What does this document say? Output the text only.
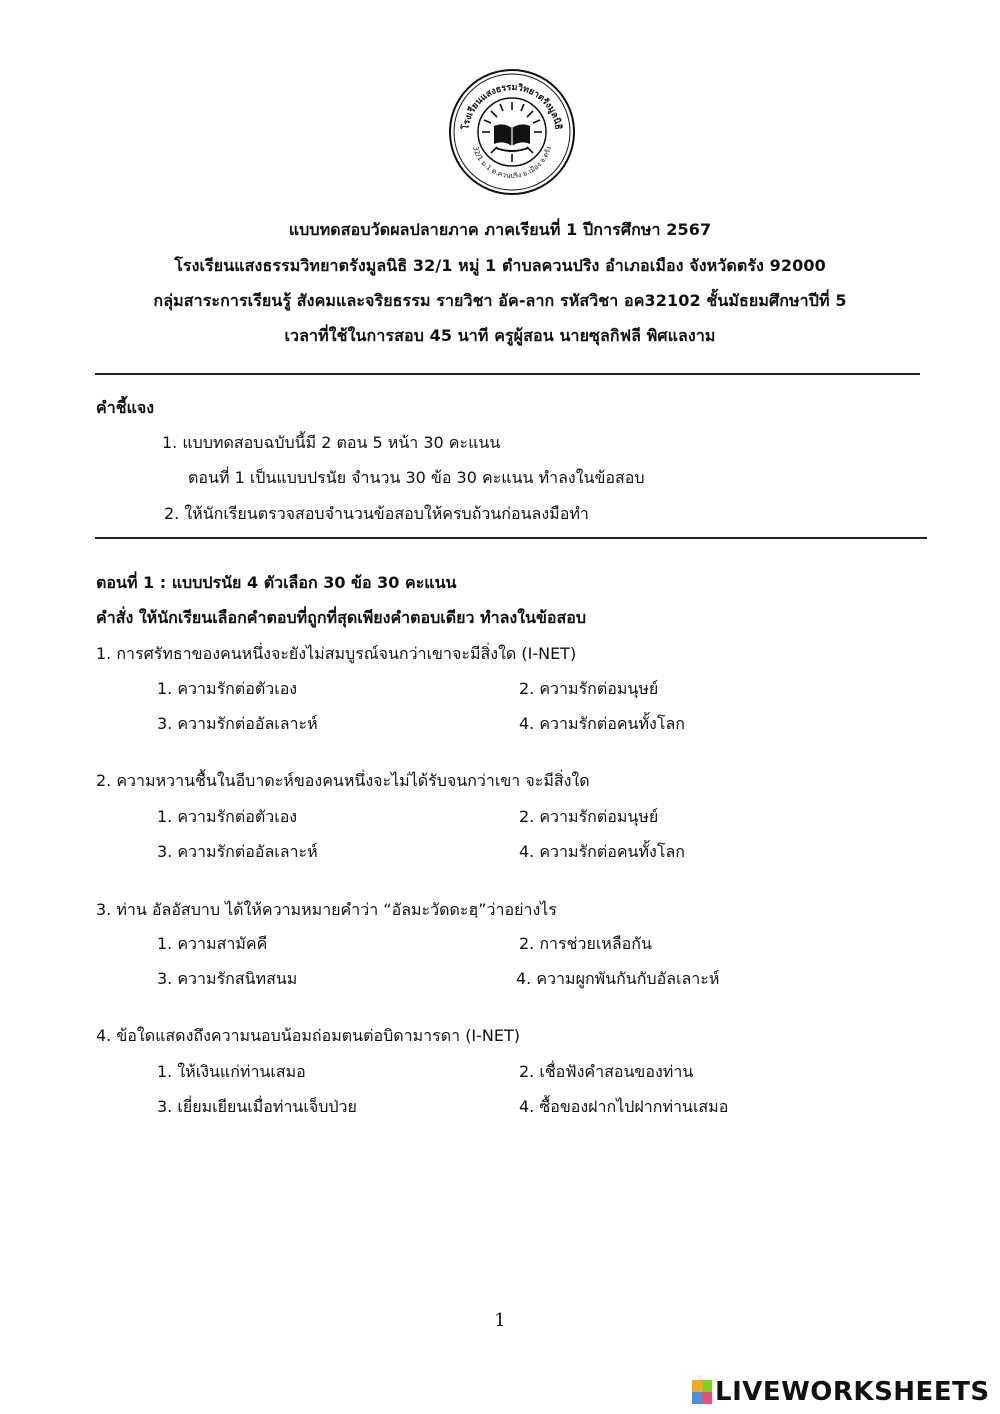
โรงเรียนแสงธรรมวิทยาตรังมูลนิธิ
32/1 ม.1 ต.ควนปริง อ.เมือง จ.ตรัง
แบบทดสอบวัดผลปลายภาค ภาคเรียนที่ 1 ปีการศึกษา 2567
โรงเรียนแสงธรรมวิทยาตรังมูลนิธิ 32/1 หมู่ 1 ตำบลควนปริง อำเภอเมือง จังหวัดตรัง 92000
กลุ่มสาระการเรียนรู้ สังคมและจริยธรรม รายวิชา อัค-ลาก รหัสวิชา อค32102 ชั้นมัธยมศึกษาปีที่ 5
เวลาที่ใช้ในการสอบ 45 นาที ครูผู้สอน นายซุลกิฟลี พิศแลงาม
คำชี้แจง
1. แบบทดสอบฉบับนี้มี 2 ตอน 5 หน้า 30 คะแนน
ตอนที่ 1 เป็นแบบปรนัย จำนวน 30 ข้อ 30 คะแนน ทำลงในข้อสอบ
2. ให้นักเรียนตรวจสอบจำนวนข้อสอบให้ครบถ้วนก่อนลงมือทำ
ตอนที่ 1 : แบบปรนัย 4 ตัวเลือก 30 ข้อ 30 คะแนน
คำสั่ง ให้นักเรียนเลือกคำตอบที่ถูกที่สุดเพียงคำตอบเดียว ทำลงในข้อสอบ
1. การศรัทธาของคนหนึ่งจะยังไม่สมบูรณ์จนกว่าเขาจะมีสิ่งใด (I-NET)
1. ความรักต่อตัวเอง	2. ความรักต่อมนุษย์
3. ความรักต่ออัลเลาะห์	4. ความรักต่อคนทั้งโลก
2. ความหวานชื้นในอีบาดะห์ของคนหนึ่งจะไม่ได้รับจนกว่าเขา จะมีสิ่งใด
1. ความรักต่อตัวเอง	2. ความรักต่อมนุษย์
3. ความรักต่ออัลเลาะห์	4. ความรักต่อคนทั้งโลก
3. ท่าน อัลอัสบาบ ได้ให้ความหมายคำว่า “อัลมะวัดดะฮฺ”ว่าอย่างไร
1. ความสามัคคี	2. การช่วยเหลือกัน
3. ความรักสนิทสนม	4. ความผูกพันกันกับอัลเลาะห์
4. ข้อใดแสดงถึงความนอบน้อมถ่อมตนต่อบิดามารดา (I-NET)
1. ให้เงินแก่ท่านเสมอ	2. เชื่อฟังคำสอนของท่าน
3. เยี่ยมเยียนเมื่อท่านเจ็บป่วย	4. ซื้อของฝากไปฝากท่านเสมอ
1
LIVEWORKSHEETS
